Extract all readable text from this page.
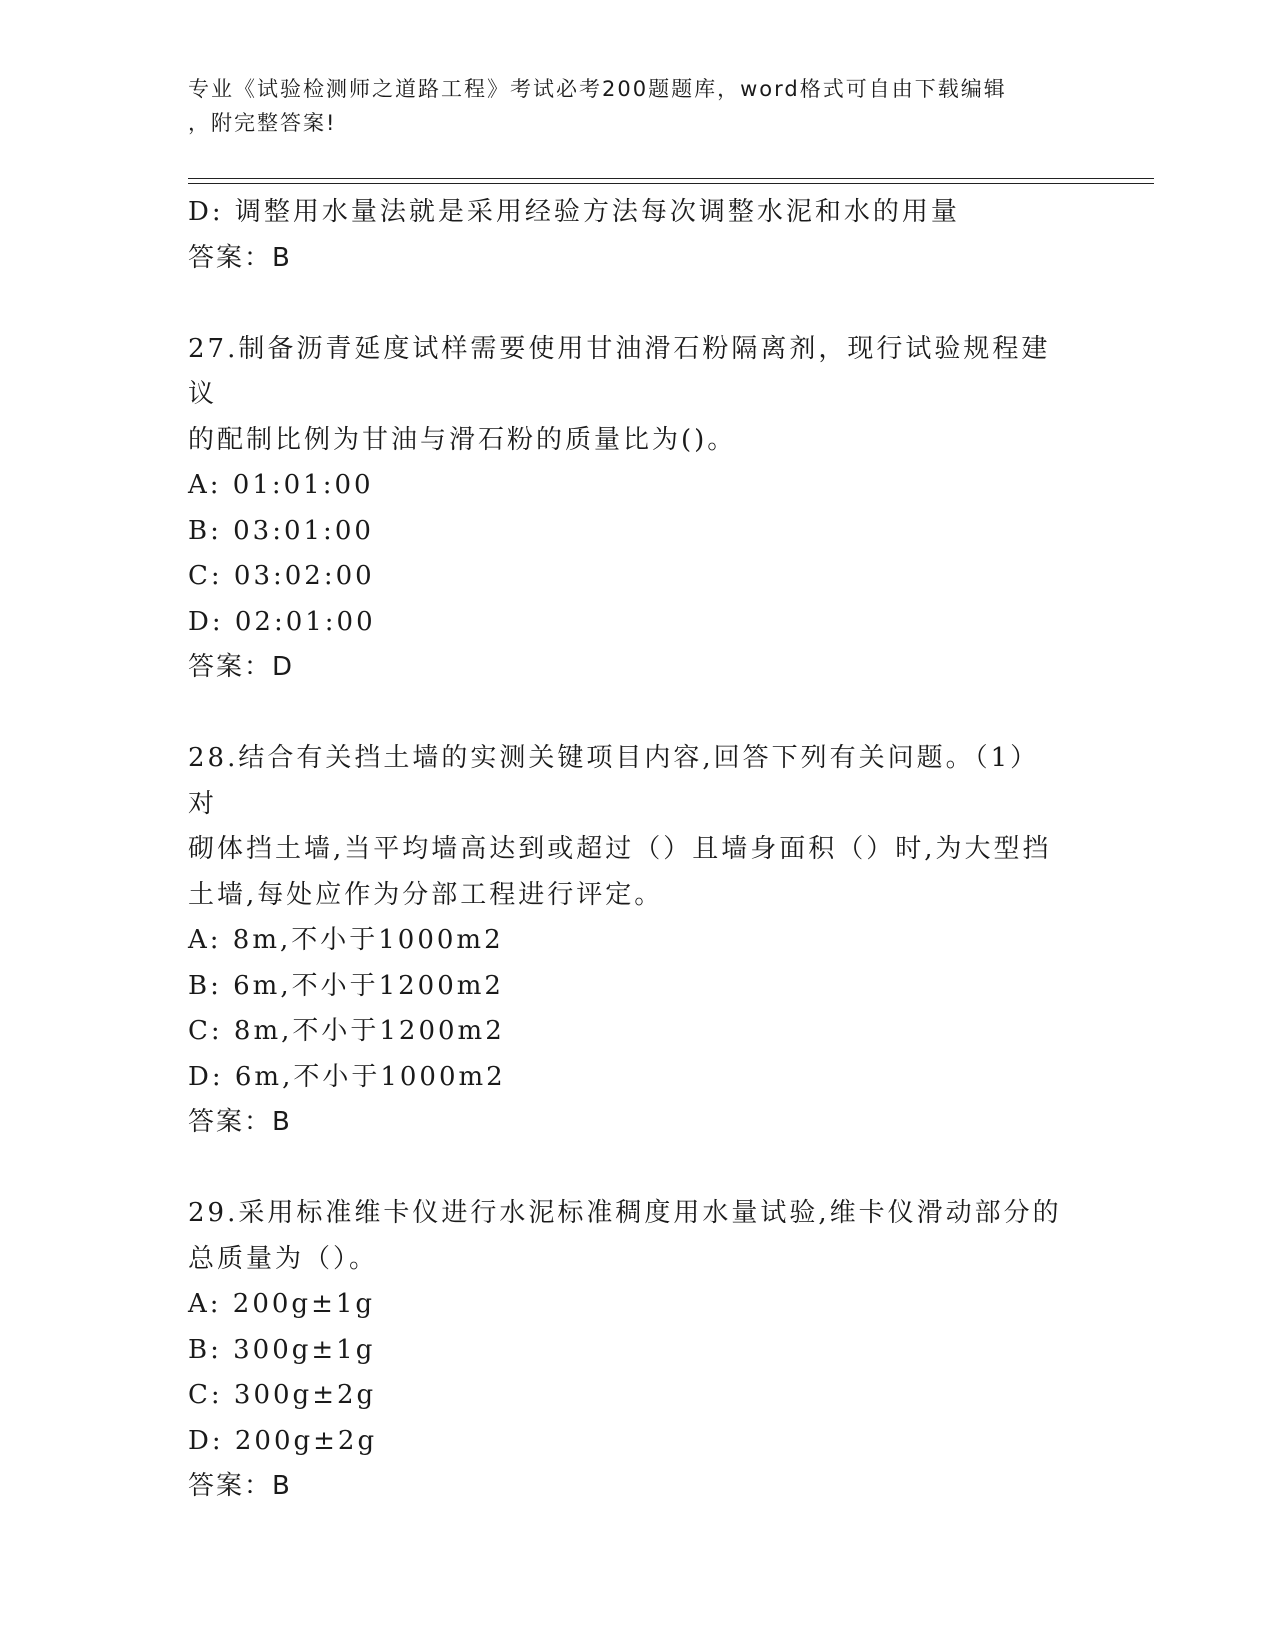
专业《试验检测师之道路工程》考试必考200题题库，word格式可自由下载编辑
，附完整答案!
D: 调整用水量法就是采用经验方法每次调整水泥和水的用量
答案：B
27.制备沥青延度试样需要使用甘油滑石粉隔离剂，现行试验规程建议
的配制比例为甘油与滑石粉的质量比为()。
A: 01:01:00
B: 03:01:00
C: 03:02:00
D: 02:01:00
答案：D
28.结合有关挡土墙的实测关键项目内容,回答下列有关问题。（1）对
砌体挡土墙,当平均墙高达到或超过（）且墙身面积（）时,为大型挡
土墙,每处应作为分部工程进行评定。
A: 8m,不小于1000m2
B: 6m,不小于1200m2
C: 8m,不小于1200m2
D: 6m,不小于1000m2
答案：B
29.采用标准维卡仪进行水泥标准稠度用水量试验,维卡仪滑动部分的
总质量为（）。
A: 200g±1g
B: 300g±1g
C: 300g±2g
D: 200g±2g
答案：B
